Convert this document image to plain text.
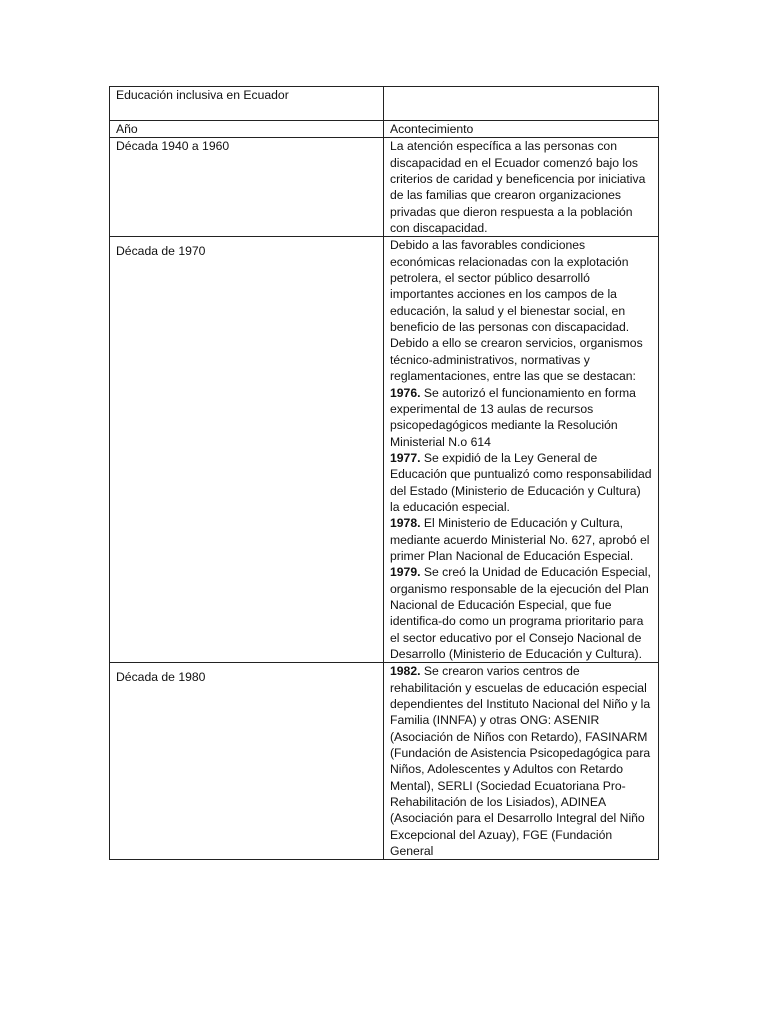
Educación inclusiva en Ecuador	
Año	Acontecimiento
Década 1940 a 1960	La atención específica a las personas con discapacidad en el Ecuador comenzó bajo los criterios de caridad y beneficencia por iniciativa de las familias que crearon organizaciones privadas que dieron respuesta a la población con discapacidad.

Década de 1970	Debido a las favorables condiciones económicas relacionadas con la explotación petrolera, el sector público desarrolló importantes acciones en los campos de la educación, la salud y el bienestar social, en beneficio de las personas con discapacidad. Debido a ello se crearon servicios, organismos técnico-administrativos, normativas y reglamentaciones, entre las que se destacan:
1976. Se autorizó el funcionamiento en forma experimental de 13 aulas de recursos psicopedagógicos mediante la Resolución Ministerial N.o 614
1977. Se expidió de la Ley General de Educación que puntualizó como responsabilidad del Estado (Ministerio de Educación y Cultura) la educación especial.
1978. El Ministerio de Educación y Cultura, mediante acuerdo Ministerial No. 627, aprobó el primer Plan Nacional de Educación Especial.
1979. Se creó la Unidad de Educación Especial, organismo responsable de la ejecución del Plan Nacional de Educación Especial, que fue identifica-do como un programa prioritario para el sector educativo por el Consejo Nacional de Desarrollo (Ministerio de Educación y Cultura).

Década de 1980	1982. Se crearon varios centros de rehabilitación y escuelas de educación especial dependientes del Instituto Nacional del Niño y la Familia (INNFA) y otras ONG: ASENIR (Asociación de Niños con Retardo), FASINARM (Fundación de Asistencia Psicopedagógica para Niños, Adolescentes y Adultos con Retardo Mental), SERLI (Sociedad Ecuatoriana Pro-Rehabilitación de los Lisiados), ADINEA (Asociación para el Desarrollo Integral del Niño Excepcional del Azuay), FGE (Fundación General
